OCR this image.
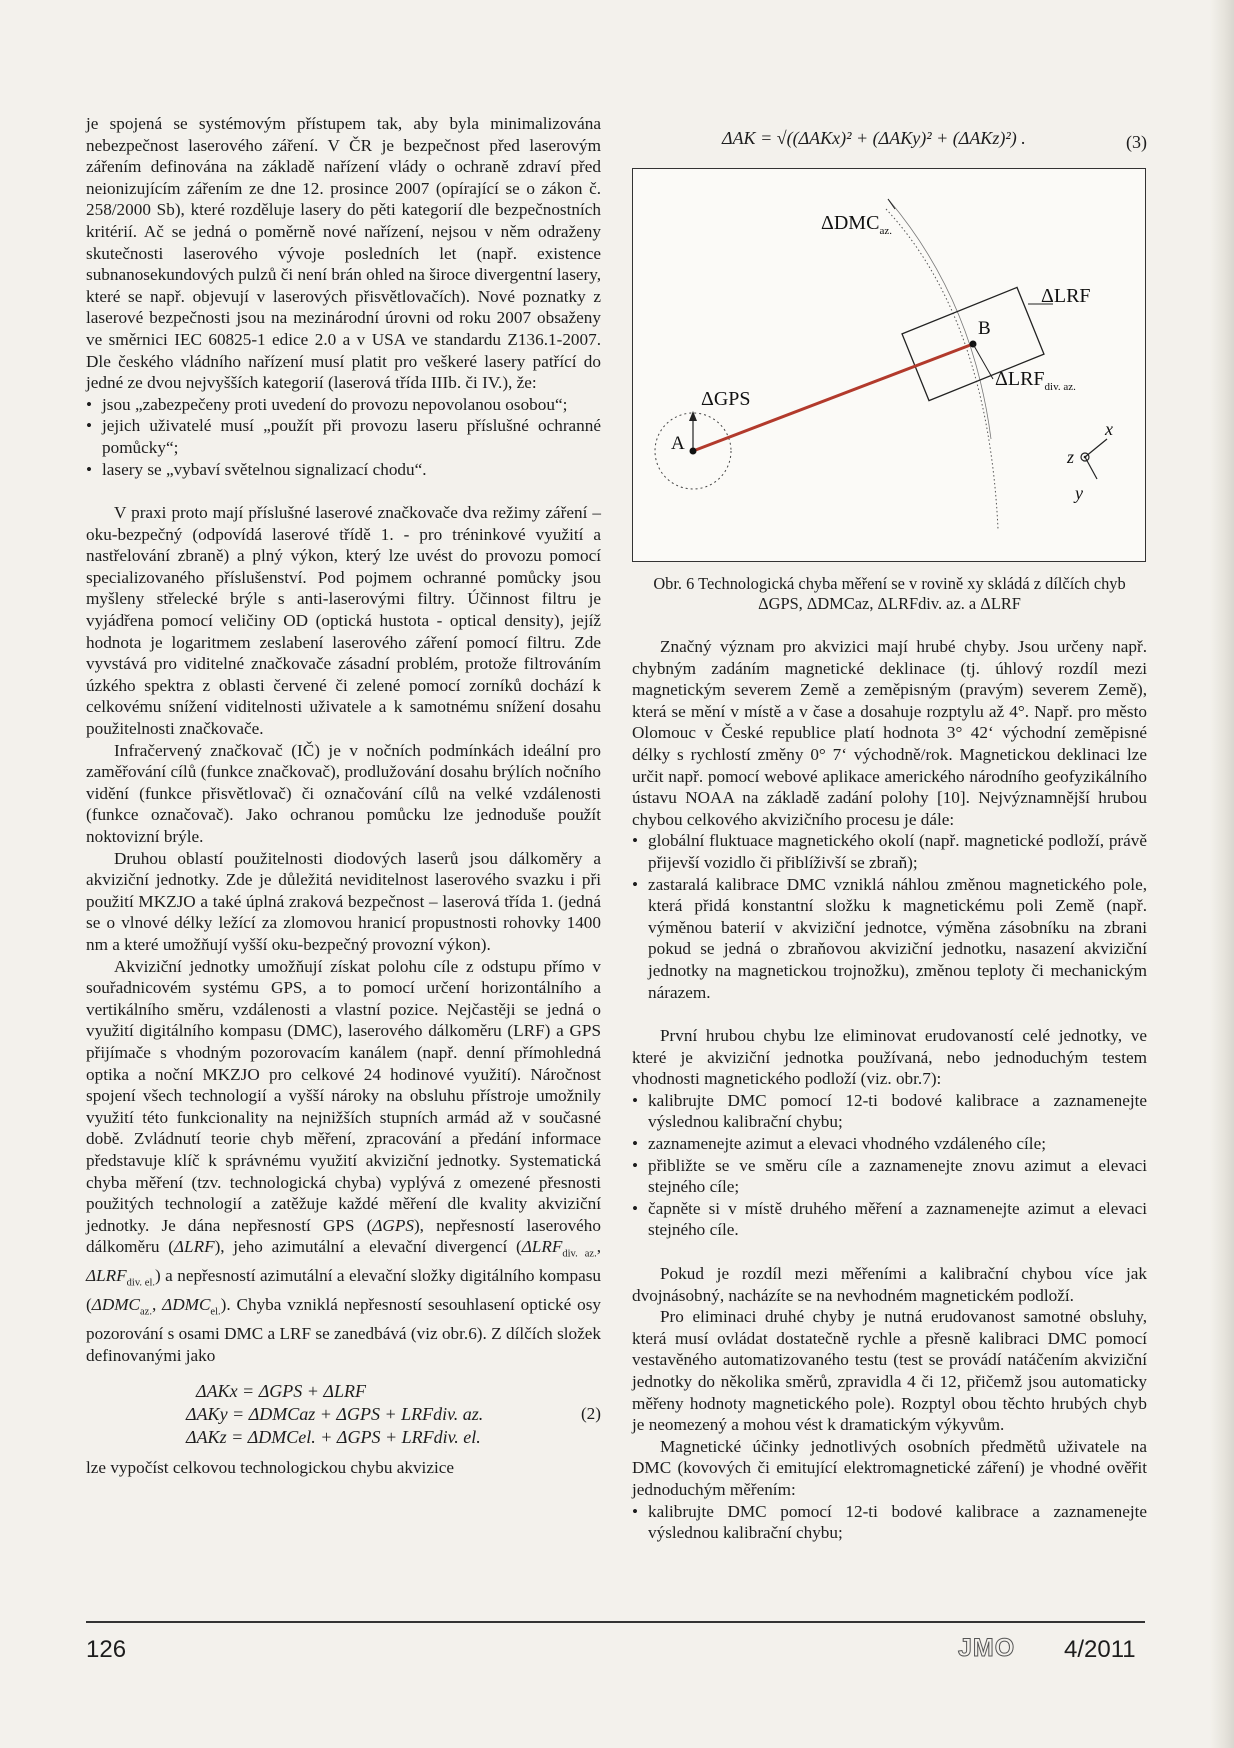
je spojená se systémovým přístupem tak, aby byla minimalizována nebezpečnost laserového záření. V ČR je bezpečnost před laserovým zářením definována na základě nařízení vlády o ochraně zdraví před neionizujícím zářením ze dne 12. prosince 2007 (opírající se o zákon č. 258/2000 Sb), které rozděluje lasery do pěti kategorií dle bezpečnostních kritérií. Ač se jedná o poměrně nové nařízení, nejsou v něm odraženy skutečnosti laserového vývoje posledních let (např. existence subnanosekundových pulzů či není brán ohled na široce divergentní lasery, které se např. objevují v laserových přisvětlovačích). Nové poznatky z laserové bezpečnosti jsou na mezinárodní úrovni od roku 2007 obsaženy ve směrnici IEC 60825-1 edice 2.0 a v USA ve standardu Z136.1-2007. Dle českého vládního nařízení musí platit pro veškeré lasery patřící do jedné ze dvou nejvyšších kategorií (laserová třída IIIb. či IV.), že:

• jsou „zabezpečeny proti uvedení do provozu nepovolanou osobou“;
• jejich uživatelé musí „použít při provozu laseru příslušné ochranné pomůcky“;
• lasery se „vybaví světelnou signalizací chodu“.

V praxi proto mají příslušné laserové značkovače dva režimy záření – oku-bezpečný (odpovídá laserové třídě 1. - pro tréninkové využití a nastřelování zbraně) a plný výkon, který lze uvést do provozu pomocí specializovaného příslušenství. Pod pojmem ochranné pomůcky jsou myšleny střelecké brýle s anti-laserovými filtry. Účinnost filtru je vyjádřena pomocí veličiny OD (optická hustota - optical density), jejíž hodnota je logaritmem zeslabení laserového záření pomocí filtru. Zde vyvstává pro viditelné značkovače zásadní problém, protože filtrováním úzkého spektra z oblasti červené či zelené pomocí zorníků dochází k celkovému snížení viditelnosti uživatele a k samotnému snížení dosahu použitelnosti značkovače.

Infračervený značkovač (IČ) je v nočních podmínkách ideální pro zaměřování cílů (funkce značkovač), prodlužování dosahu brýlích nočního vidění (funkce přisvětlovač) či označování cílů na velké vzdálenosti (funkce označovač). Jako ochranou pomůcku lze jednoduše použít noktovizní brýle.

Druhou oblastí použitelnosti diodových laserů jsou dálkoměry a akviziční jednotky. Zde je důležitá neviditelnost laserového svazku i při použití MKZJO a také úplná zraková bezpečnost – laserová třída 1. (jedná se o vlnové délky ležící za zlomovou hranicí propustnosti rohovky 1400 nm a které umožňují vyšší oku-bezpečný provozní výkon).

Akviziční jednotky umožňují získat polohu cíle z odstupu přímo v souřadnicovém systému GPS, a to pomocí určení horizontálního a vertikálního směru, vzdálenosti a vlastní pozice. Nejčastěji se jedná o využití digitálního kompasu (DMC), laserového dálkoměru (LRF) a GPS přijímače s vhodným pozorovacím kanálem (např. denní přímohledná optika a noční MKZJO pro celkové 24 hodinové využití). Náročnost spojení všech technologií a vyšší nároky na obsluhu přístroje umožnily využití této funkcionality na nejnižších stupních armád až v současné době. Zvládnutí teorie chyb měření, zpracování a předání informace představuje klíč k správnému využití akviziční jednotky. Systematická chyba měření (tzv. technologická chyba) vyplývá z omezené přesnosti použitých technologií a zatěžuje každé měření dle kvality akviziční jednotky. Je dána nepřesností GPS (ΔGPS), nepřesností laserového dálkoměru (ΔLRF), jeho azimutální a elevační divergencí ($\Delta LRF_{div. az.}$, $\Delta LRF_{div. el.}$) a nepřesností azimutální a elevační složky digitálního kompasu ($\Delta DMC_{az.}$, $\Delta DMC_{el.}$). Chyba vzniklá nepřesností sesouhlasení optické osy pozorování s osami DMC a LRF se zanedbává (viz obr.6). Z dílčích složek definovanými jako

ΔAKx = ΔGPS + ΔLRF
ΔAKy = ΔDMCaz + ΔGPS + LRFdiv. az.
ΔAKz = ΔDMCel. + ΔGPS + LRFdiv. el.
(2)

lze vypočíst celkovou technologickou chybu akvizice

ΔAK = √((ΔAKx)² + (ΔAKy)² + (ΔAKz)²) .	(3)
$\Delta DMC_{az.}$
ΔLRF
B
$\Delta LRF_{div. az.}$
ΔGPS
A
x
z
y
Obr. 6 Technologická chyba měření se v rovině xy skládá z dílčích chyb ΔGPS, ΔDMCaz, ΔLRFdiv. az. a ΔLRF

Značný význam pro akvizici mají hrubé chyby. Jsou určeny např. chybným zadáním magnetické deklinace (tj. úhlový rozdíl mezi magnetickým severem Země a zeměpisným (pravým) severem Země), která se mění v místě a v čase a dosahuje rozptylu až 4°. Např. pro město Olomouc v České republice platí hodnota 3° 42‘ východní zeměpisné délky s rychlostí změny 0° 7‘ východně/rok. Magnetickou deklinaci lze určit např. pomocí webové aplikace amerického národního geofyzikálního ústavu NOAA na základě zadání polohy [10]. Nejvýznamnější hrubou chybou celkového akvizičního procesu je dále:

• globální fluktuace magnetického okolí (např. magnetické podloží, právě přijevší vozidlo či přiblíživší se zbraň);
• zastaralá kalibrace DMC vzniklá náhlou změnou magnetického pole, která přidá konstantní složku k magnetickému poli Země (např. výměnou baterií v akviziční jednotce, výměna zásobníku na zbrani pokud se jedná o zbraňovou akviziční jednotku, nasazení akviziční jednotky na magnetickou trojnožku), změnou teploty či mechanickým nárazem.

První hrubou chybu lze eliminovat erudovaností celé jednotky, ve které je akviziční jednotka používaná, nebo jednoduchým testem vhodnosti magnetického podloží (viz. obr.7):

• kalibrujte DMC pomocí 12-ti bodové kalibrace a zaznamenejte výslednou kalibrační chybu;
• zaznamenejte azimut a elevaci vhodného vzdáleného cíle;
• přibližte se ve směru cíle a zaznamenejte znovu azimut a elevaci stejného cíle;
• čapněte si v místě druhého měření a zaznamenejte azimut a elevaci stejného cíle.

Pokud je rozdíl mezi měřeními a kalibrační chybou více jak dvojnásobný, nacházíte se na nevhodném magnetickém podloží.

Pro eliminaci druhé chyby je nutná erudovanost samotné obsluhy, která musí ovládat dostatečně rychle a přesně kalibraci DMC pomocí vestavěného automatizovaného testu (test se provádí natáčením akviziční jednotky do několika směrů, zpravidla 4 či 12, přičemž jsou automaticky měřeny hodnoty magnetického pole). Rozptyl obou těchto hrubých chyb je neomezený a mohou vést k dramatickým výkyvům.

Magnetické účinky jednotlivých osobních předmětů uživatele na DMC (kovových či emitující elektromagnetické záření) je vhodné ověřit jednoduchým měřením:

• kalibrujte DMC pomocí 12-ti bodové kalibrace a zaznamenejte výslednou kalibrační chybu;
126	JMO 4/2011
